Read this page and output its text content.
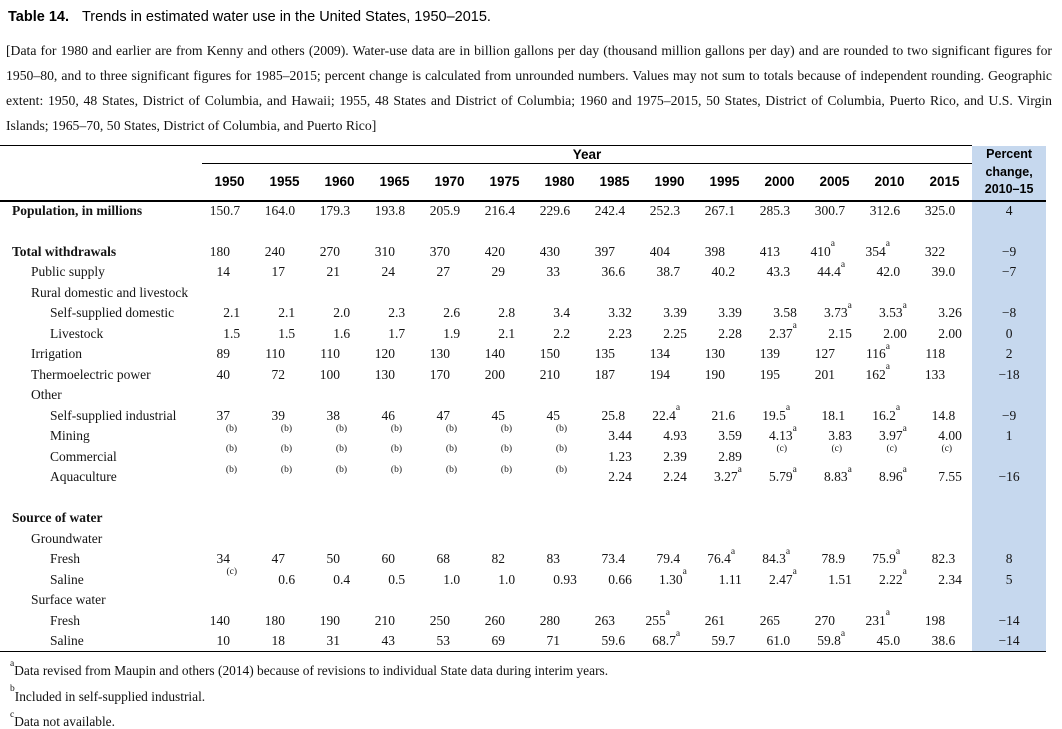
Table 14. Trends in estimated water use in the United States, 1950–2015.

[Data for 1980 and earlier are from Kenny and others (2009). Water-use data are in billion gallons per day (thousand million gallons per day) and are rounded to two significant figures for 1950–80, and to three significant figures for 1985–2015; percent change is calculated from unrounded numbers. Values may not sum to totals because of independent rounding. Geographic extent: 1950, 48 States, District of Columbia, and Hawaii; 1955, 48 States and District of Columbia; 1960 and 1975–2015, 50 States, District of Columbia, Puerto Rico, and U.S. Virgin Islands; 1965–70, 50 States, District of Columbia, and Puerto Rico]

	Year														Percent
change,
2010–15

	1950	1955	1960	1965	1970	1975	1980	1985	1990	1995	2000	2005	2010	2015	
Population, in millions	150.7	164.0	179.3	193.8	205.9	216.4	229.6	242.4	252.3	267.1	285.3	300.7	312.6	325.0	4

Total withdrawals	180	240	270	310	370	420	430	397	404	398	413	410$^a$	354$^a$	322	−9
Public supply	14	17	21	24	27	29	33	36.6	38.7	40.2	43.3	44.4$^a$	42.0	39.0	−7
Rural domestic and livestock															
Self-supplied domestic	2.1	2.1	2.0	2.3	2.6	2.8	3.4	3.32	3.39	3.39	3.58	3.73$^a$	3.53$^a$	3.26	−8
Livestock	1.5	1.5	1.6	1.7	1.9	2.1	2.2	2.23	2.25	2.28	2.37$^a$	2.15	2.00	2.00	0
Irrigation	89	110	110	120	130	140	150	135	134	130	139	127	116$^a$	118	2
Thermoelectric power	40	72	100	130	170	200	210	187	194	190	195	201	162$^a$	133	−18
Other															
Self-supplied industrial	37	39	38	46	47	45	45	25.8	22.4$^a$	21.6	19.5$^a$	18.1	16.2$^a$	14.8	−9
Mining	$^{(b)}$	$^{(b)}$	$^{(b)}$	$^{(b)}$	$^{(b)}$	$^{(b)}$	$^{(b)}$	3.44	4.93	3.59	4.13$^a$	3.83	3.97$^a$	4.00	1
Commercial	$^{(b)}$	$^{(b)}$	$^{(b)}$	$^{(b)}$	$^{(b)}$	$^{(b)}$	$^{(b)}$	1.23	2.39	2.89	$^{(c)}$	$^{(c)}$	$^{(c)}$	$^{(c)}$	
Aquaculture	$^{(b)}$	$^{(b)}$	$^{(b)}$	$^{(b)}$	$^{(b)}$	$^{(b)}$	$^{(b)}$	2.24	2.24	3.27$^a$	5.79$^a$	8.83$^a$	8.96$^a$	7.55	−16

Source of water															
Groundwater															
Fresh	34	47	50	60	68	82	83	73.4	79.4	76.4$^a$	84.3$^a$	78.9	75.9$^a$	82.3	8
Saline	$^{(c)}$	0.6	0.4	0.5	1.0	1.0	0.93	0.66	1.30$^a$	1.11	2.47$^a$	1.51	2.22$^a$	2.34	5
Surface water															
Fresh	140	180	190	210	250	260	280	263	255$^a$	261	265	270	231$^a$	198	−14
Saline	10	18	31	43	53	69	71	59.6	68.7$^a$	59.7	61.0	59.8$^a$	45.0	38.6	−14

$^a$Data revised from Maupin and others (2014) because of revisions to individual State data during interim years.

$^b$Included in self-supplied industrial.

$^c$Data not available.
